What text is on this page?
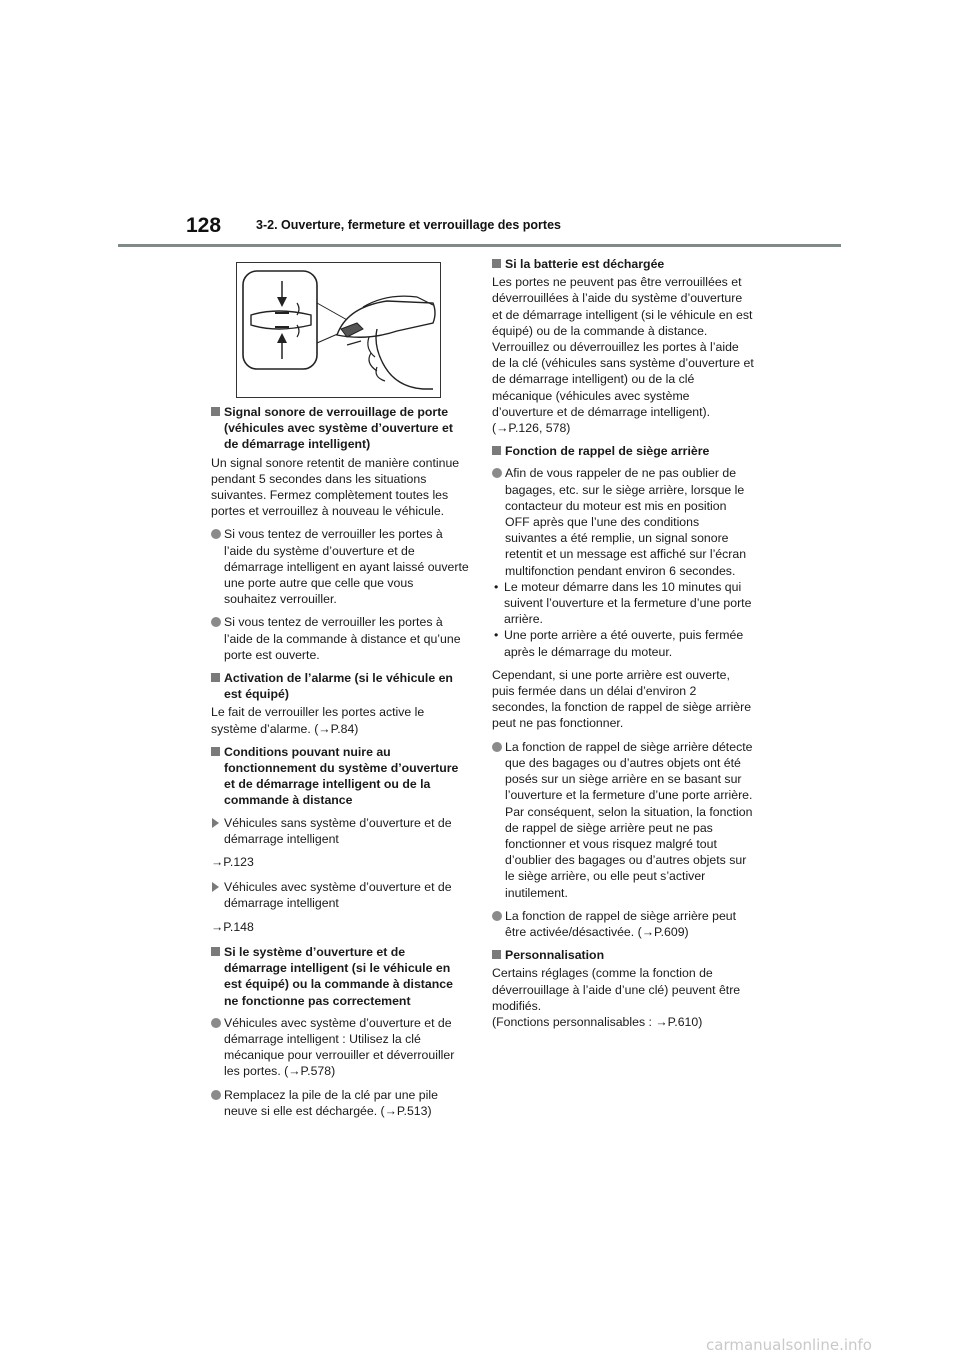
128	3-2. Ouverture, fermeture et verrouillage des portes
Signal sonore de verrouillage de porte (véhicules avec système d’ouverture et de démarrage intelligent)

Un signal sonore retentit de manière continue pendant 5 secondes dans les situations suivantes. Fermez complètement toutes les portes et verrouillez à nouveau le véhicule.

Si vous tentez de verrouiller les portes à l’aide du système d’ouverture et de démarrage intelligent en ayant laissé ouverte une porte autre que celle que vous souhaitez verrouiller.
Si vous tentez de verrouiller les portes à l’aide de la commande à distance et qu’une porte est ouverte.
Activation de l’alarme (si le véhicule en est équipé)

Le fait de verrouiller les portes active le système d’alarme. (→P.84)

Conditions pouvant nuire au fonctionnement du système d’ouverture et de démarrage intelligent ou de la commande à distance
Véhicules sans système d’ouverture et de démarrage intelligent

→P.123

Véhicules avec système d’ouverture et de démarrage intelligent

→P.148

Si le système d’ouverture et de démarrage intelligent (si le véhicule en est équipé) ou la commande à distance ne fonctionne pas correctement
Véhicules avec système d’ouverture et de démarrage intelligent : Utilisez la clé mécanique pour verrouiller et déverrouiller les portes. (→P.578)
Remplacez la pile de la clé par une pile neuve si elle est déchargée. (→P.513)
Si la batterie est déchargée

Les portes ne peuvent pas être verrouillées et déverrouillées à l’aide du système d’ouverture et de démarrage intelligent (si le véhicule en est équipé) ou de la commande à distance. Verrouillez ou déverrouillez les portes à l’aide de la clé (véhicules sans système d’ouverture et de démarrage intelligent) ou de la clé mécanique (véhicules avec système d’ouverture et de démarrage intelligent). (→P.126, 578)

Fonction de rappel de siège arrière
Afin de vous rappeler de ne pas oublier de bagages, etc. sur le siège arrière, lorsque le contacteur du moteur est mis en position OFF après que l’une des conditions suivantes a été remplie, un signal sonore retentit et un message est affiché sur l’écran multifonction pendant environ 6 secondes.
• Le moteur démarre dans les 10 minutes qui suivent l’ouverture et la fermeture d’une porte arrière.
• Une porte arrière a été ouverte, puis fermée après le démarrage du moteur.

Cependant, si une porte arrière est ouverte, puis fermée dans un délai d’environ 2 secondes, la fonction de rappel de siège arrière peut ne pas fonctionner.

La fonction de rappel de siège arrière détecte que des bagages ou d’autres objets ont été posés sur un siège arrière en se basant sur l’ouverture et la fermeture d’une porte arrière. Par conséquent, selon la situation, la fonction de rappel de siège arrière peut ne pas fonctionner et vous risquez malgré tout d’oublier des bagages ou d’autres objets sur le siège arrière, ou elle peut s’activer inutilement.
La fonction de rappel de siège arrière peut être activée/désactivée. (→P.609)
Personnalisation

Certains réglages (comme la fonction de déverrouillage à l’aide d’une clé) peuvent être modifiés.

(Fonctions personnalisables : →P.610)

carmanualsonline.info
